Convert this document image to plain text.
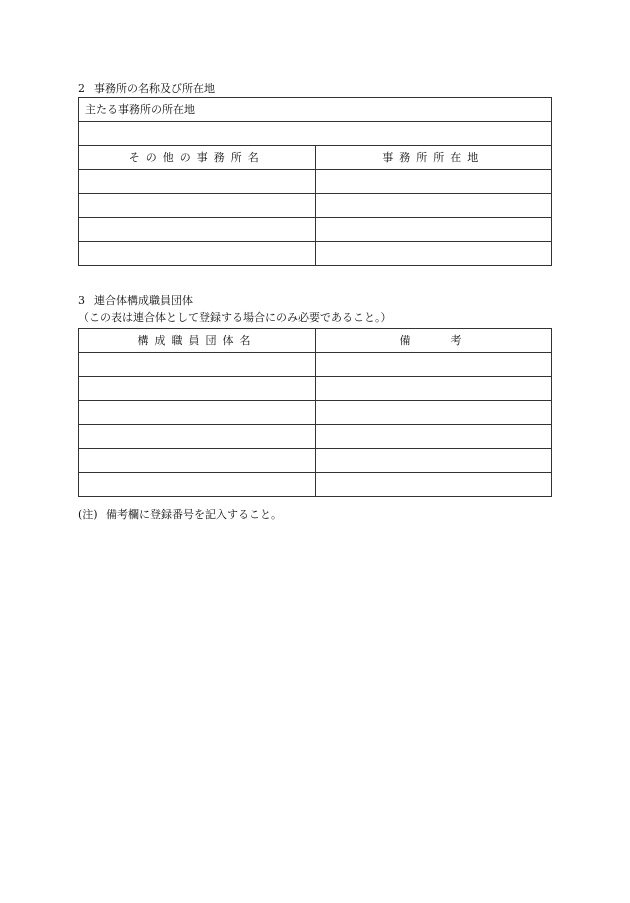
2 事務所の名称及び所在地
主たる事務所の所在地	

その他の事務所名	事務所所在地

3 連合体構成職員団体
（この表は連合体として登録する場合にのみ必要であること。）
構成職員団体名	備　　考

(注) 備考欄に登録番号を記入すること。
